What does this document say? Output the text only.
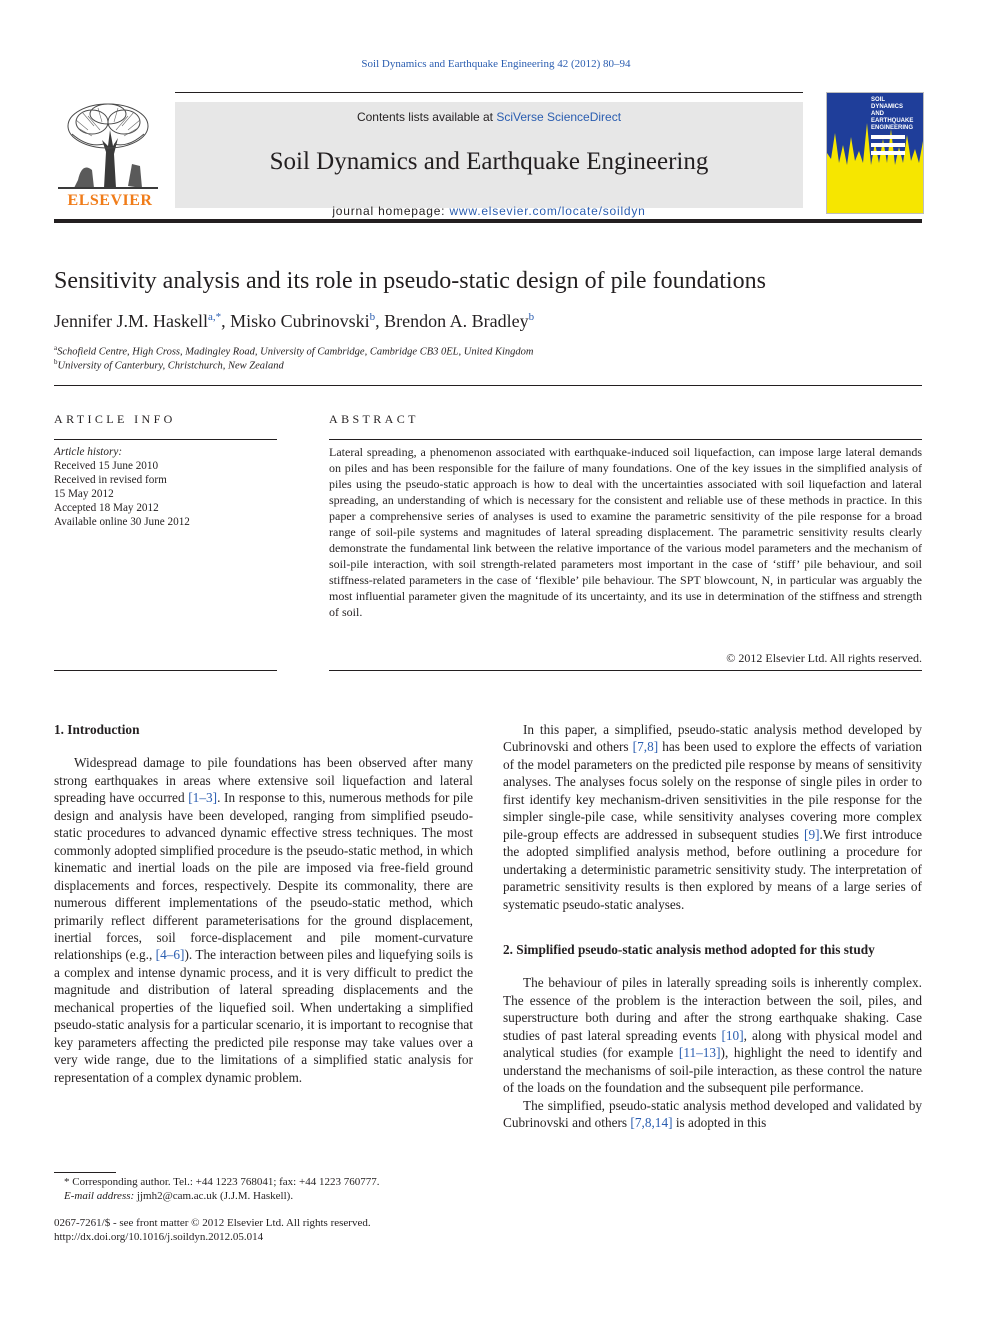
Soil Dynamics and Earthquake Engineering 42 (2012) 80–94
ELSEVIER
Contents lists available at SciVerse ScienceDirect
Soil Dynamics and Earthquake Engineering
journal homepage: www.elsevier.com/locate/soildyn
SOIL
DYNAMICS
AND
EARTHQUAKE
ENGINEERING
Sensitivity analysis and its role in pseudo-static design of pile foundations
Jennifer J.M. Haskell$^{a,*}$, Misko Cubrinovski$^b$, Brendon A. Bradley$^b$
$^a$Schofield Centre, High Cross, Madingley Road, University of Cambridge, Cambridge CB3 0EL, United Kingdom
$^b$University of Canterbury, Christchurch, New Zealand
ARTICLE INFO
Article history:
Received 15 June 2010
Received in revised form
15 May 2012
Accepted 18 May 2012
Available online 30 June 2012
ABSTRACT
Lateral spreading, a phenomenon associated with earthquake-induced soil liquefaction, can impose large lateral demands on piles and has been responsible for the failure of many foundations. One of the key issues in the simplified analysis of piles using the pseudo-static approach is how to deal with the uncertainties associated with soil liquefaction and lateral spreading, an understanding of which is necessary for the consistent and reliable use of these methods in practice. In this paper a comprehensive series of analyses is used to examine the parametric sensitivity of the pile response for a broad range of soil-pile systems and magnitudes of lateral spreading displacement. The parametric sensitivity results clearly demonstrate the fundamental link between the relative importance of the various model parameters and the mechanism of soil-pile interaction, with soil strength-related parameters most important in the case of ‘stiff’ pile behaviour, and soil stiffness-related parameters in the case of ‘flexible’ pile behaviour. The SPT blowcount, N, in particular was arguably the most influential parameter given the magnitude of its uncertainty, and its use in determination of the stiffness and strength of soil.
© 2012 Elsevier Ltd. All rights reserved.
1. Introduction

Widespread damage to pile foundations has been observed after many strong earthquakes in areas where extensive soil liquefaction and lateral spreading have occurred [1–3]. In response to this, numerous methods for pile design and analysis have been developed, ranging from simplified pseudo-static procedures to advanced dynamic effective stress techniques. The most commonly adopted simplified procedure is the pseudo-static method, in which kinematic and inertial loads on the pile are imposed via free-field ground displacements and forces, respectively. Despite its commonality, there are numerous different implementations of the pseudo-static method, which primarily reflect different parameterisations for the ground displacement, inertial forces, soil force-displacement and pile moment-curvature relationships (e.g., [4–6]). The interaction between piles and liquefying soils is a complex and intense dynamic process, and it is very difficult to predict the magnitude and distribution of lateral spreading displacements and the mechanical properties of the liquefied soil. When undertaking a simplified pseudo-static analysis for a particular scenario, it is important to recognise that key parameters affecting the predicted pile response may take values over a very wide range, due to the limitations of a simplified static analysis for representation of a complex dynamic problem.

In this paper, a simplified, pseudo-static analysis method developed by Cubrinovski and others [7,8] has been used to explore the effects of variation of the model parameters on the predicted pile response by means of sensitivity analyses. The analyses focus solely on the response of single piles in order to first identify key mechanism-driven sensitivities in the pile response for the simpler single-pile case, while sensitivity analyses covering more complex pile-group effects are addressed in subsequent studies [9].We first introduce the adopted simplified analysis method, before outlining a procedure for undertaking a deterministic parametric sensitivity study. The interpretation of parametric sensitivity results is then explored by means of a large series of systematic pseudo-static analyses.

2. Simplified pseudo-static analysis method adopted for this study

The behaviour of piles in laterally spreading soils is inherently complex. The essence of the problem is the interaction between the soil, piles, and superstructure both during and after the strong earthquake shaking. Case studies of past lateral spreading events [10], along with physical model and analytical studies (for example [11–13]), highlight the need to identify and understand the mechanisms of soil-pile interaction, as these control the nature of the loads on the foundation and the subsequent pile performance.

The simplified, pseudo-static analysis method developed and validated by Cubrinovski and others [7,8,14] is adopted in this

* Corresponding author. Tel.: +44 1223 768041; fax: +44 1223 760777.
E-mail address: jjmh2@cam.ac.uk (J.J.M. Haskell).
0267-7261/$ - see front matter © 2012 Elsevier Ltd. All rights reserved.
http://dx.doi.org/10.1016/j.soildyn.2012.05.014
